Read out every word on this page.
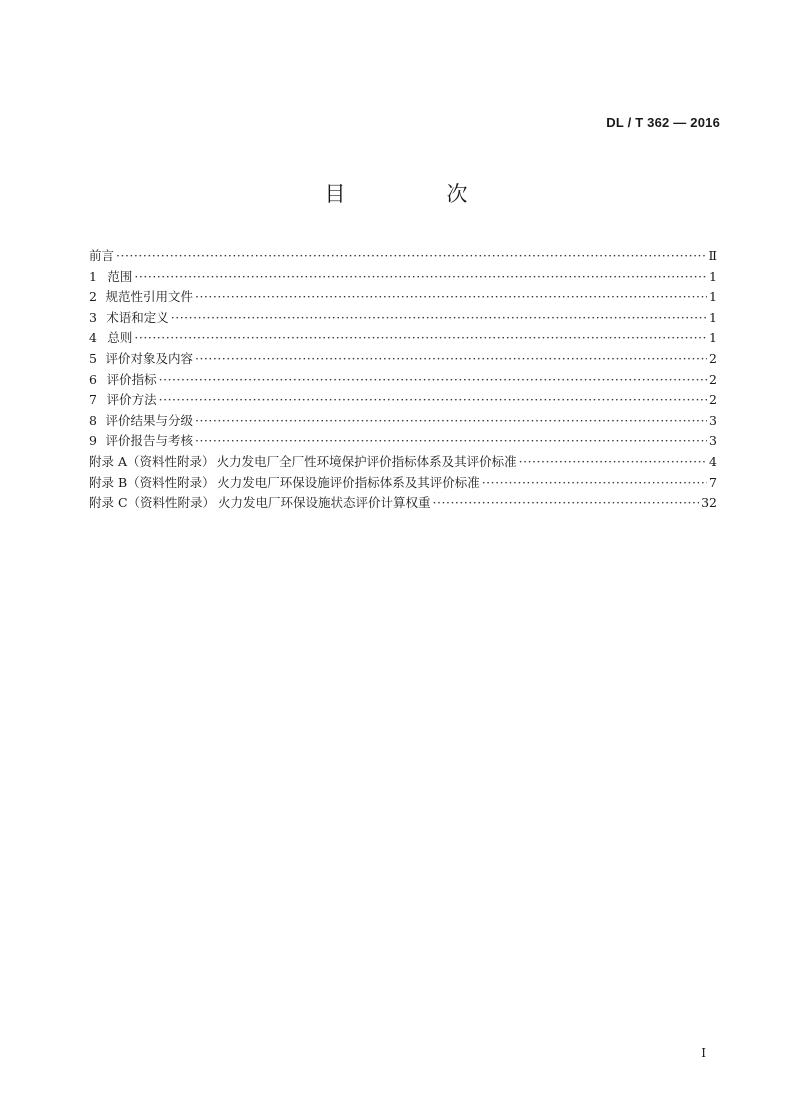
DL / T 362 — 2016
目　次
前言 ·····	Ⅱ
1 范围 ·····	1
2 规范性引用文件 ·····	1
3 术语和定义 ·····	1
4 总则 ·····	1
5 评价对象及内容 ·····	2
6 评价指标 ·····	2
7 评价方法 ·····	2
8 评价结果与分级 ·····	3
9 评价报告与考核 ·····	3
附录 A（资料性附录） 火力发电厂全厂性环境保护评价指标体系及其评价标准 ·····	4
附录 B（资料性附录） 火力发电厂环保设施评价指标体系及其评价标准 ·····	7
附录 C（资料性附录） 火力发电厂环保设施状态评价计算权重 ·····	32
I
